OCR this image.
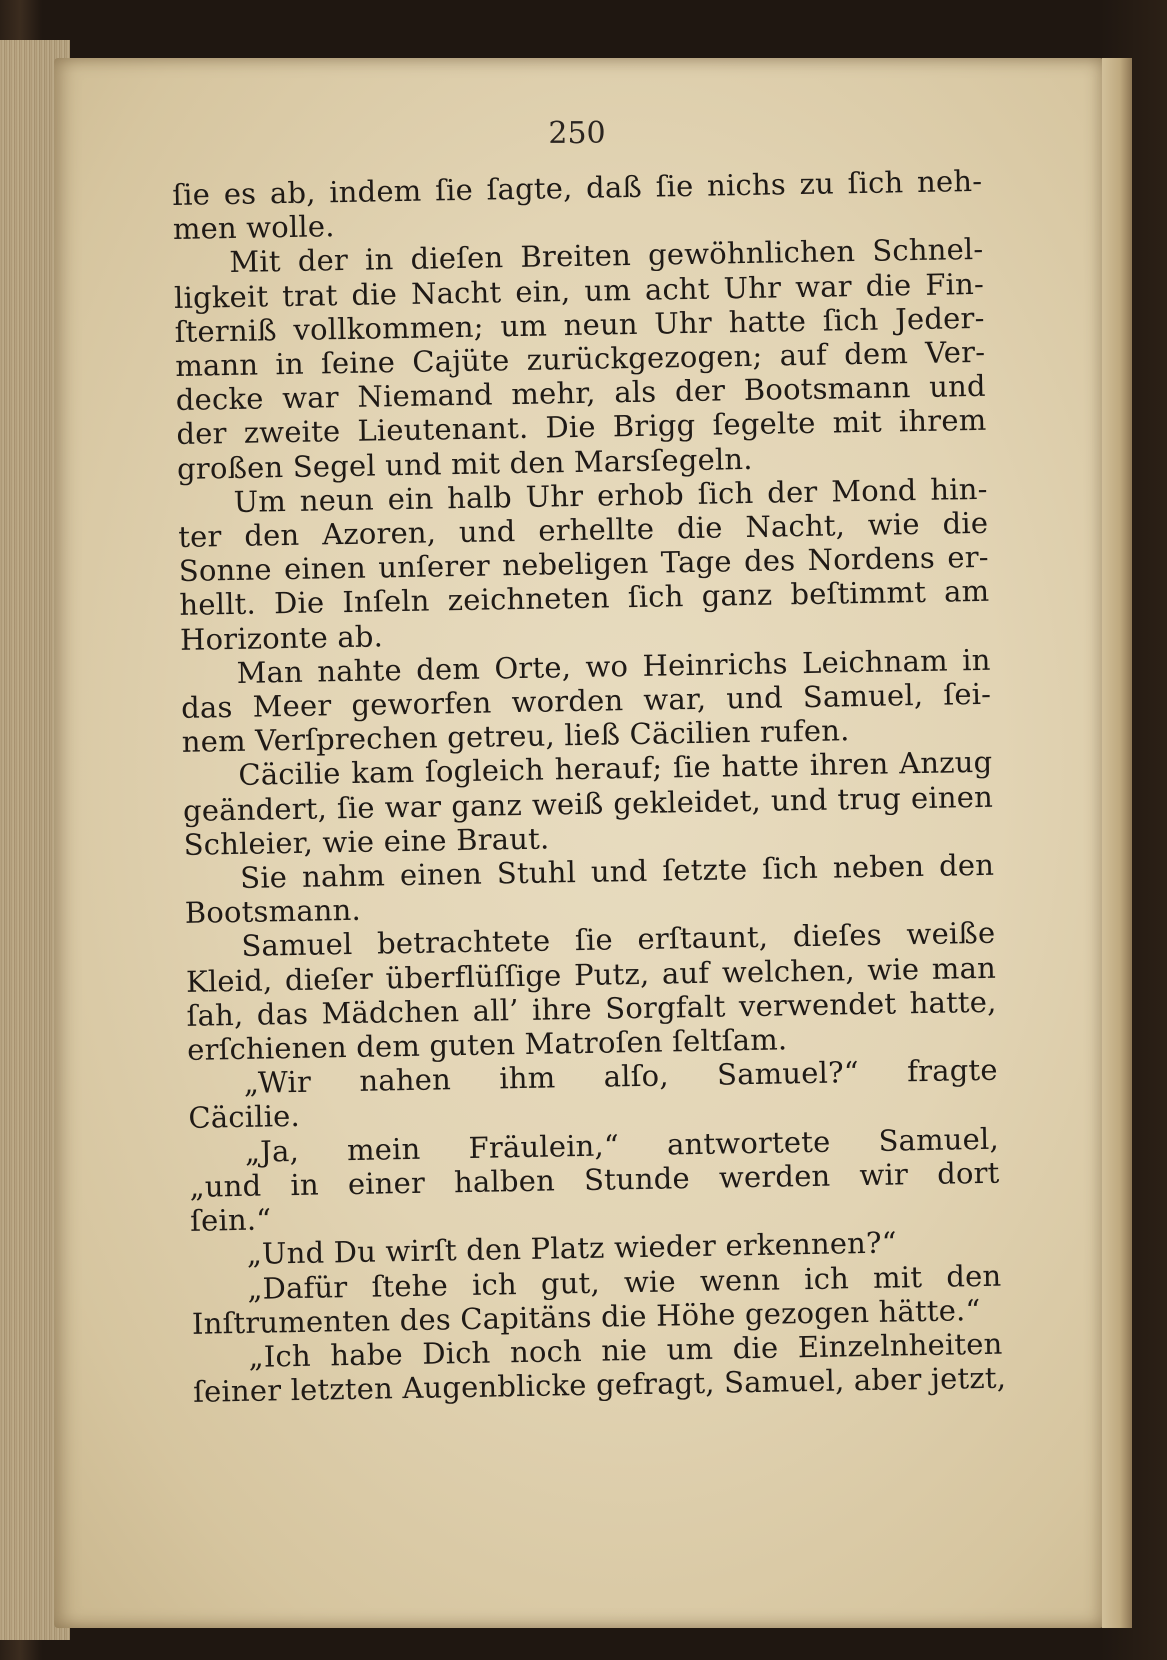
250
ſie es ab, indem ſie ſagte, daß ſie nichs zu ſich neh-
men wolle.
Mit der in dieſen Breiten gewöhnlichen Schnel-
ligkeit trat die Nacht ein, um acht Uhr war die Fin-
ſterniß vollkommen; um neun Uhr hatte ſich Jeder-
mann in ſeine Cajüte zurückgezogen; auf dem Ver-
decke war Niemand mehr, als der Bootsmann und
der zweite Lieutenant. Die Brigg ſegelte mit ihrem
großen Segel und mit den Marsſegeln.
Um neun ein halb Uhr erhob ſich der Mond hin-
ter den Azoren, und erhellte die Nacht, wie die
Sonne einen unſerer nebeligen Tage des Nordens er-
hellt. Die Inſeln zeichneten ſich ganz beſtimmt am
Horizonte ab.
Man nahte dem Orte, wo Heinrichs Leichnam in
das Meer geworfen worden war, und Samuel, ſei-
nem Verſprechen getreu, ließ Cäcilien rufen.
Cäcilie kam ſogleich herauf; ſie hatte ihren Anzug
geändert, ſie war ganz weiß gekleidet, und trug einen
Schleier, wie eine Braut.
Sie nahm einen Stuhl und ſetzte ſich neben den
Bootsmann.
Samuel betrachtete ſie erſtaunt, dieſes weiße
Kleid, dieſer überflüſſige Putz, auf welchen, wie man
ſah, das Mädchen all’ ihre Sorgfalt verwendet hatte,
erſchienen dem guten Matroſen ſeltſam.
„Wir nahen ihm alſo, Samuel?“ fragte
Cäcilie.
„Ja, mein Fräulein,“ antwortete Samuel,
„und in einer halben Stunde werden wir dort
ſein.“
„Und Du wirſt den Platz wieder erkennen?“
„Dafür ſtehe ich gut, wie wenn ich mit den
Inſtrumenten des Capitäns die Höhe gezogen hätte.“
„Ich habe Dich noch nie um die Einzelnheiten
ſeiner letzten Augenblicke gefragt, Samuel, aber jetzt,
